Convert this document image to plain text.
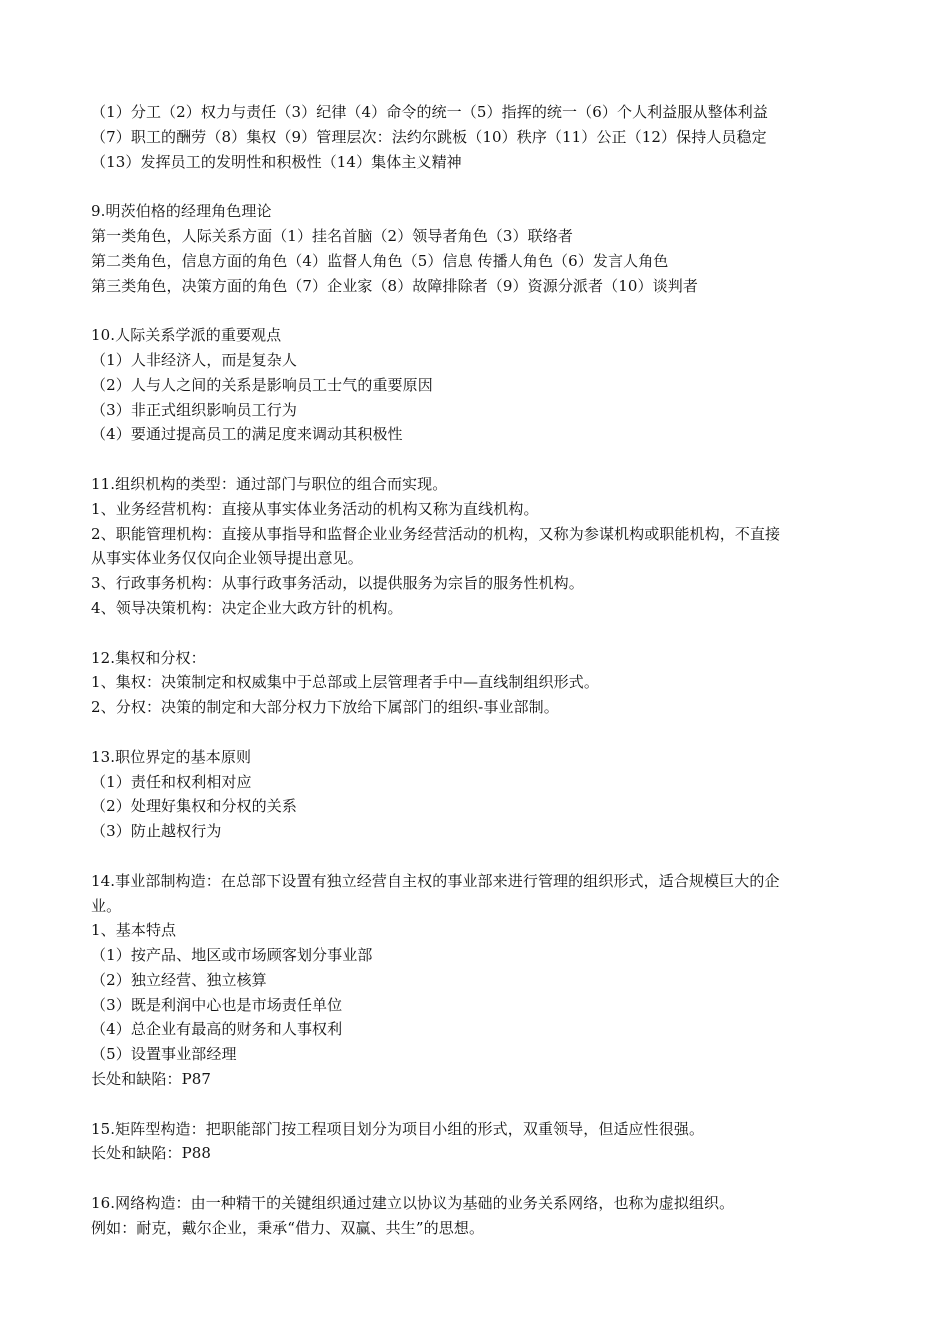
（1）分工（2）权力与责任（3）纪律（4）命令的统一（5）指挥的统一（6）个人利益服从整体利益
（7）职工的酬劳（8）集权（9）管理层次：法约尔跳板（10）秩序（11）公正（12）保持人员稳定
（13）发挥员工的发明性和积极性（14）集体主义精神
9.明茨伯格的经理角色理论
第一类角色，人际关系方面（1）挂名首脑（2）领导者角色（3）联络者
第二类角色，信息方面的角色（4）监督人角色（5）信息 传播人角色（6）发言人角色
第三类角色，决策方面的角色（7）企业家（8）故障排除者（9）资源分派者（10）谈判者
10.人际关系学派的重要观点
（1）人非经济人，而是复杂人
（2）人与人之间的关系是影响员工士气的重要原因
（3）非正式组织影响员工行为
（4）要通过提高员工的满足度来调动其积极性
11.组织机构的类型：通过部门与职位的组合而实现。
1、业务经营机构：直接从事实体业务活动的机构又称为直线机构。
2、职能管理机构：直接从事指导和监督企业业务经营活动的机构，又称为参谋机构或职能机构，不直接
从事实体业务仅仅向企业领导提出意见。
3、行政事务机构：从事行政事务活动，以提供服务为宗旨的服务性机构。
4、领导决策机构：决定企业大政方针的机构。
12.集权和分权：
1、集权：决策制定和权威集中于总部或上层管理者手中—直线制组织形式。
2、分权：决策的制定和大部分权力下放给下属部门的组织-事业部制。
13.职位界定的基本原则
（1）责任和权利相对应
（2）处理好集权和分权的关系
（3）防止越权行为
14.事业部制构造：在总部下设置有独立经营自主权的事业部来进行管理的组织形式，适合规模巨大的企
业。
1、基本特点
（1）按产品、地区或市场顾客划分事业部
（2）独立经营、独立核算
（3）既是利润中心也是市场责任单位
（4）总企业有最高的财务和人事权利
（5）设置事业部经理
长处和缺陷：P87
15.矩阵型构造：把职能部门按工程项目划分为项目小组的形式，双重领导，但适应性很强。
长处和缺陷：P88
16.网络构造：由一种精干的关键组织通过建立以协议为基础的业务关系网络，也称为虚拟组织。
例如：耐克，戴尔企业，秉承“借力、双赢、共生”的思想。
